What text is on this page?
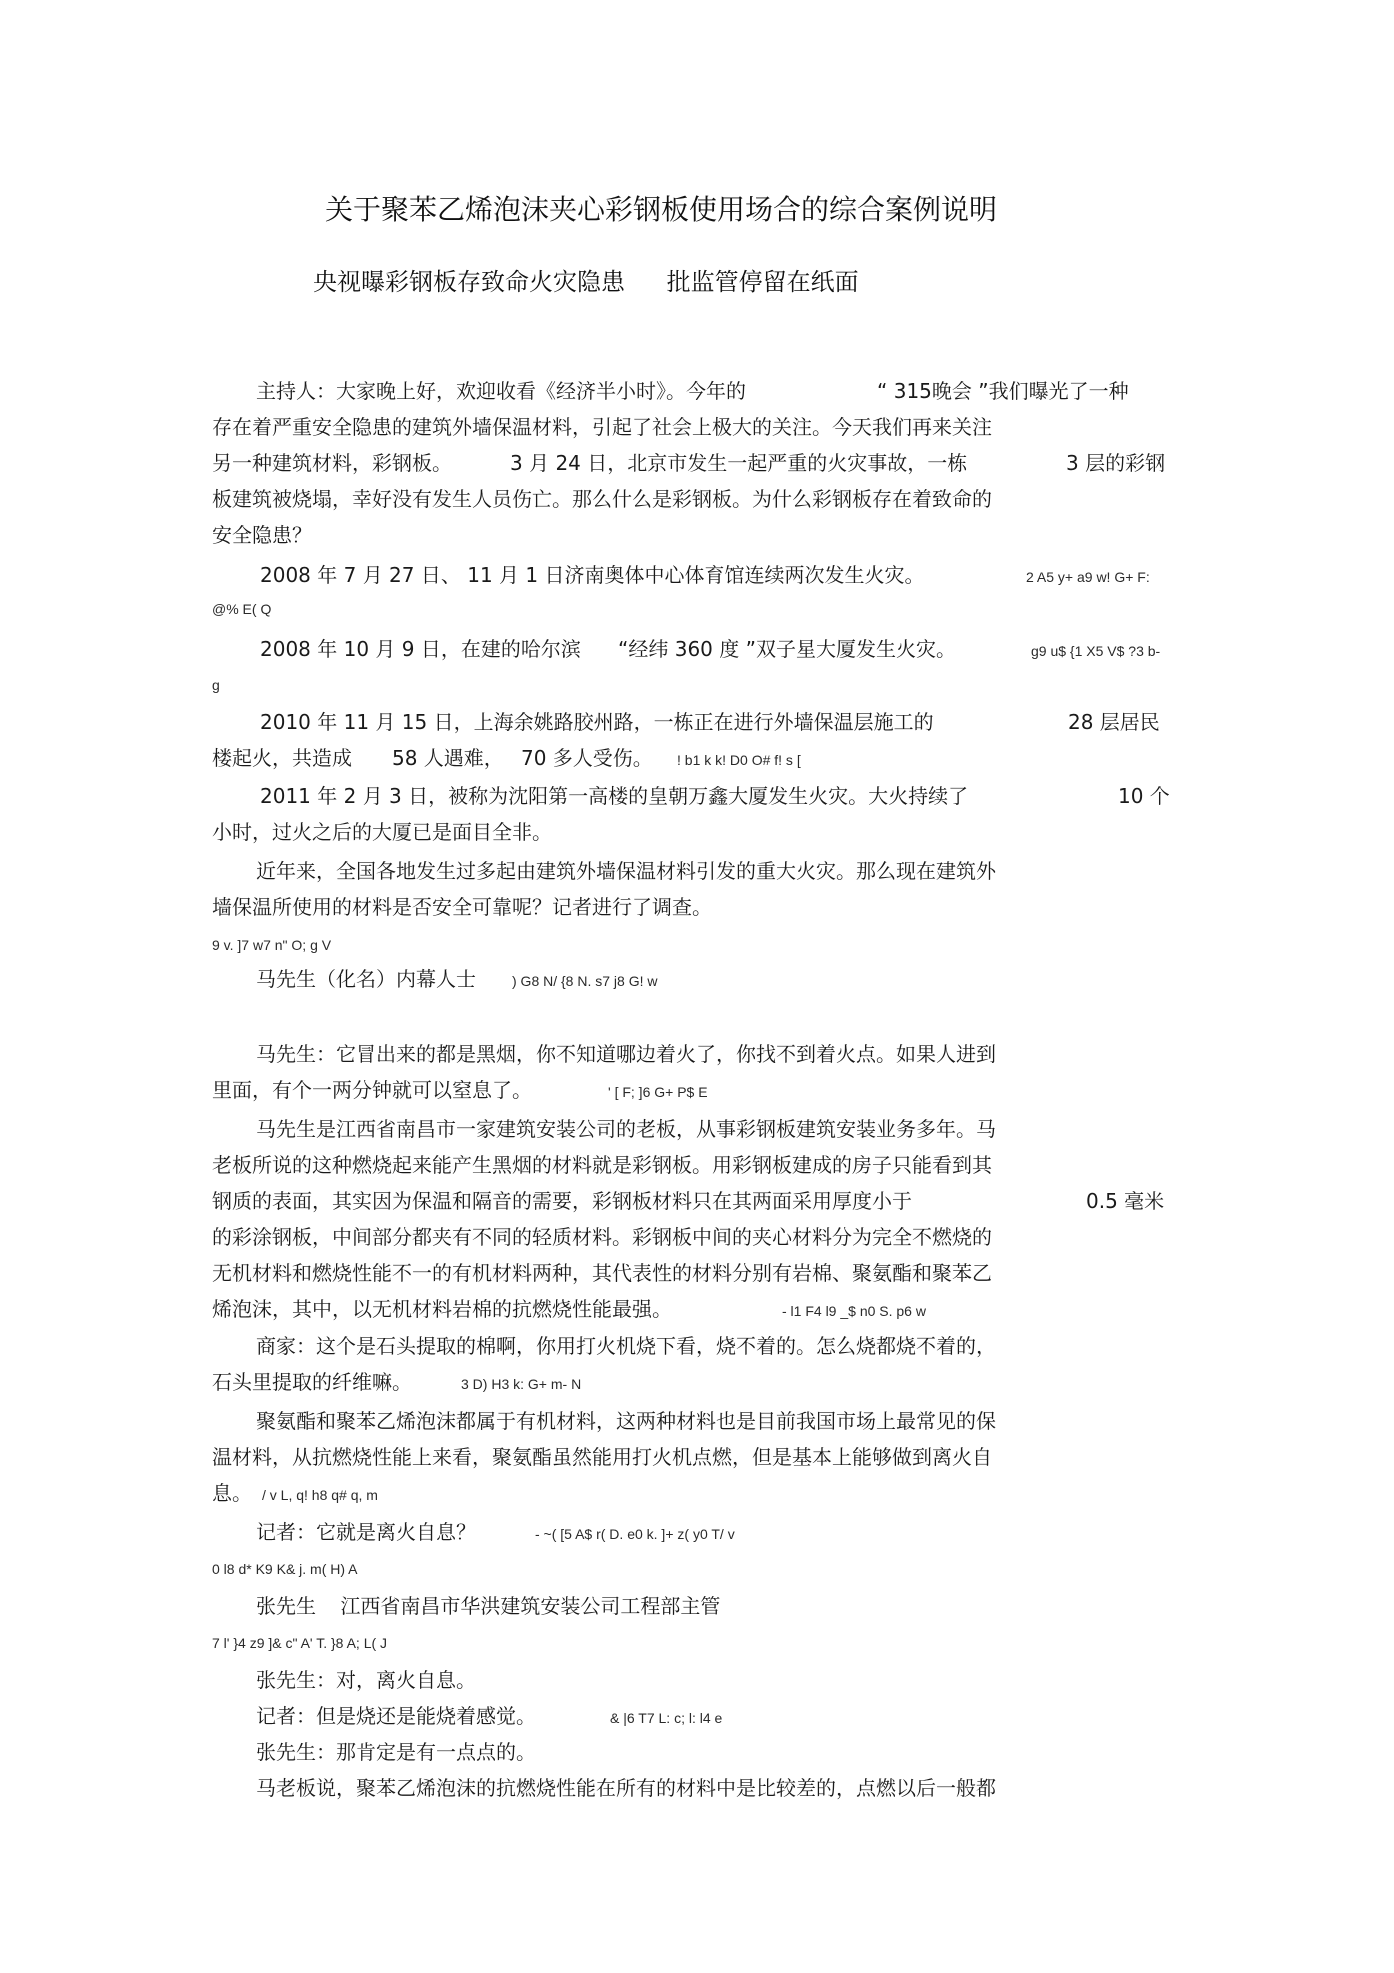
关于聚苯乙烯泡沫夹心彩钢板使用场合的综合案例说明
央视曝彩钢板存致命火灾隐患 批监管停留在纸面
主持人：大家晚上好，欢迎收看《经济半小时》。今年的	“ 315晚会 ”我们曝光了一种
存在着严重安全隐患的建筑外墙保温材料，引起了社会上极大的关注。今天我们再来关注
另一种建筑材料，彩钢板。	3 月 24 日，北京市发生一起严重的火灾事故，一栋	3 层的彩钢
板建筑被烧塌，幸好没有发生人员伤亡。那么什么是彩钢板。为什么彩钢板存在着致命的
安全隐患？
2008 年 7 月 27 日、 11 月 1 日济南奥体中心体育馆连续两次发生火灾。	2 A5 y+ a9 w! G+ F:
@% E( Q
2008 年 10 月 9 日，在建的哈尔滨 “经纬 360 度 ”双子星大厦发生火灾。	g9 u$ {1 X5 V$ ?3 b-
g
2010 年 11 月 15 日，上海余姚路胶州路，一栋正在进行外墙保温层施工的	28 层居民
楼起火，共造成 58 人遇难， 70 多人受伤。 ! b1 k k! D0 O# f! s [
2011 年 2 月 3 日，被称为沈阳第一高楼的皇朝万鑫大厦发生火灾。大火持续了	10 个
小时，过火之后的大厦已是面目全非。
近年来，全国各地发生过多起由建筑外墙保温材料引发的重大火灾。那么现在建筑外
墙保温所使用的材料是否安全可靠呢？记者进行了调查。
9 v. ]7 w7 n" O; g V
马先生（化名）内幕人士	) G8 N/ {8 N. s7 j8 G! w
马先生：它冒出来的都是黑烟，你不知道哪边着火了，你找不到着火点。如果人进到
里面，有个一两分钟就可以窒息了。	' [ F; ]6 G+ P$ E
马先生是江西省南昌市一家建筑安装公司的老板，从事彩钢板建筑安装业务多年。马
老板所说的这种燃烧起来能产生黑烟的材料就是彩钢板。用彩钢板建成的房子只能看到其
钢质的表面，其实因为保温和隔音的需要，彩钢板材料只在其两面采用厚度小于	0.5 毫米
的彩涂钢板，中间部分都夹有不同的轻质材料。彩钢板中间的夹心材料分为完全不燃烧的
无机材料和燃烧性能不一的有机材料两种，其代表性的材料分别有岩棉、聚氨酯和聚苯乙
烯泡沫，其中，以无机材料岩棉的抗燃烧性能最强。	- l1 F4 l9 _$ n0 S. p6 w
商家：这个是石头提取的棉啊，你用打火机烧下看，烧不着的。怎么烧都烧不着的，
石头里提取的纤维嘛。	3 D) H3 k: G+ m- N
聚氨酯和聚苯乙烯泡沫都属于有机材料，这两种材料也是目前我国市场上最常见的保
温材料，从抗燃烧性能上来看，聚氨酯虽然能用打火机点燃，但是基本上能够做到离火自
息。 / v L, q! h8 q# q, m
记者：它就是离火自息？	- ~( [5 A$ r( D. e0 k. ]+ z( y0 T/ v
0 l8 d* K9 K& j. m( H) A
张先生 江西省南昌市华洪建筑安装公司工程部主管
7 l' }4 z9 ]& c" A' T. }8 A; L( J
张先生：对，离火自息。
记者：但是烧还是能烧着感觉。	& |6 T7 L: c; l: l4 e
张先生：那肯定是有一点点的。
马老板说，聚苯乙烯泡沫的抗燃烧性能在所有的材料中是比较差的，点燃以后一般都
